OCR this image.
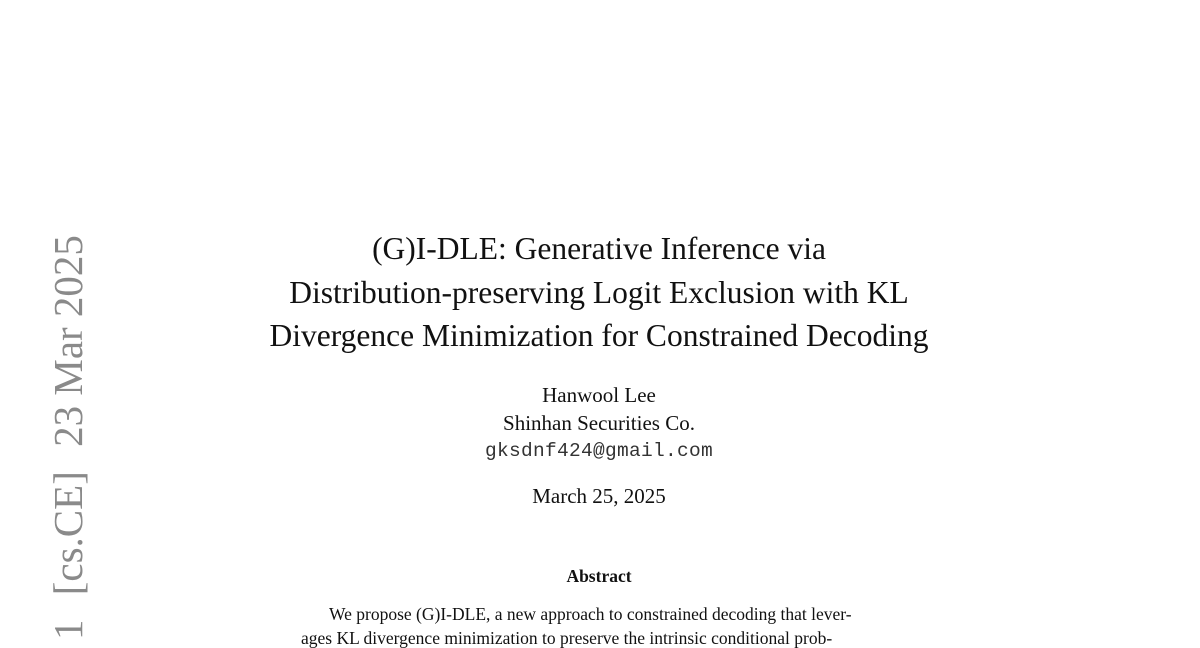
1 [cs.CE] 23 Mar 2025	(G)I-DLE: Generative Inference via
Distribution-preserving Logit Exclusion with KL
Divergence Minimization for Constrained Decoding
Hanwool Lee
Shinhan Securities Co.
gksdnf424@gmail.com
March 25, 2025
Abstract
We propose (G)I-DLE, a new approach to constrained decoding that lever-
ages KL divergence minimization to preserve the intrinsic conditional prob-
